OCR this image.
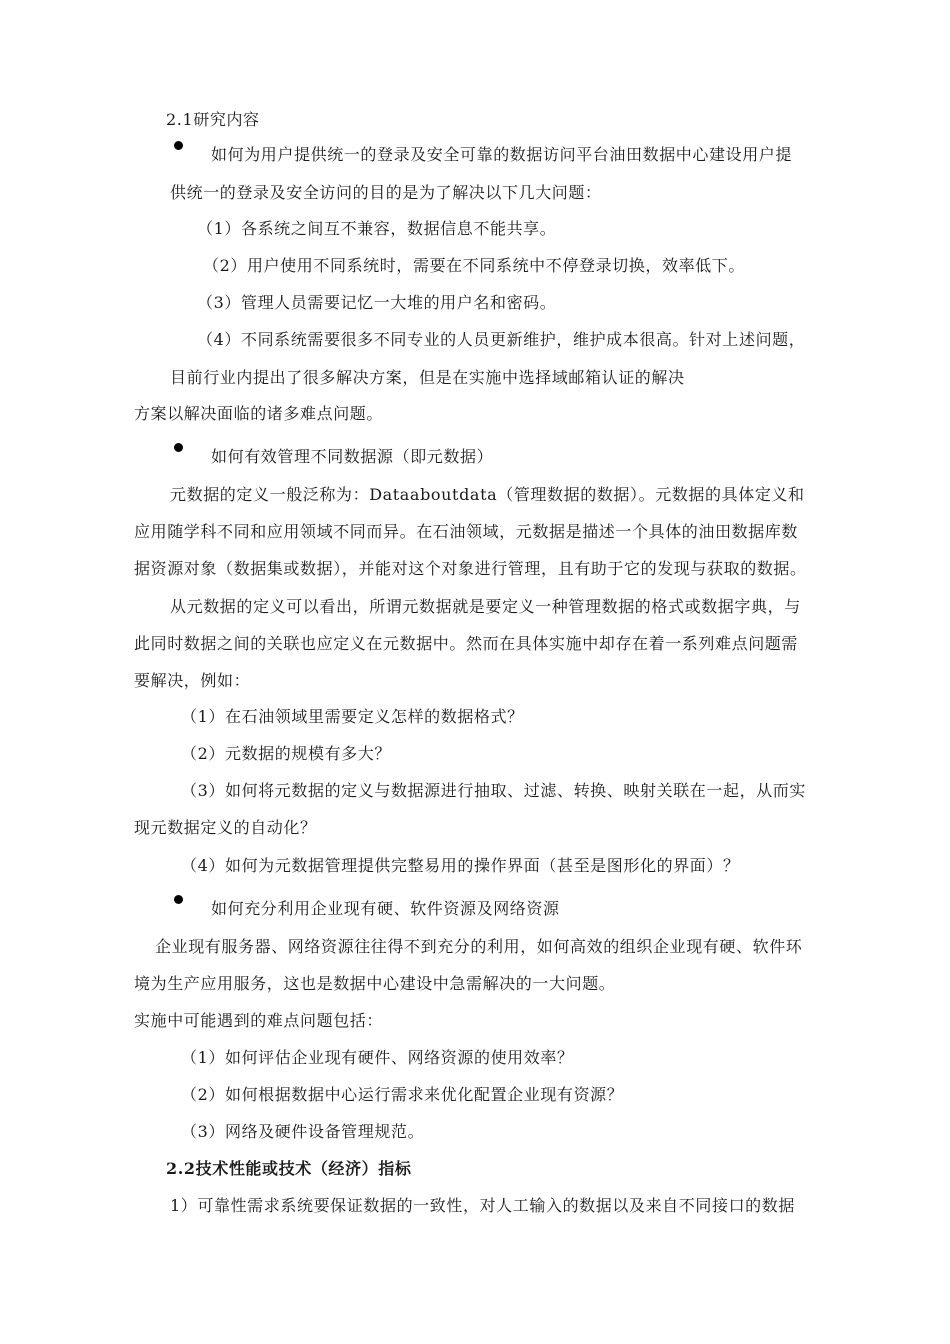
2.1研究内容
如何为用户提供统一的登录及安全可靠的数据访问平台油田数据中心建设用户提
供统一的登录及安全访问的目的是为了解决以下几大问题：
（1）各系统之间互不兼容，数据信息不能共享。
（2）用户使用不同系统时，需要在不同系统中不停登录切换，效率低下。
（3）管理人员需要记忆一大堆的用户名和密码。
（4）不同系统需要很多不同专业的人员更新维护，维护成本很高。针对上述问题，
目前行业内提出了很多解决方案，但是在实施中选择域邮箱认证的解决
方案以解决面临的诸多难点问题。
如何有效管理不同数据源（即元数据）
元数据的定义一般泛称为：Dataaboutdata（管理数据的数据）。元数据的具体定义和
应用随学科不同和应用领域不同而异。在石油领域，元数据是描述一个具体的油田数据库数
据资源对象（数据集或数据），并能对这个对象进行管理，且有助于它的发现与获取的数据。
从元数据的定义可以看出，所谓元数据就是要定义一种管理数据的格式或数据字典，与
此同时数据之间的关联也应定义在元数据中。然而在具体实施中却存在着一系列难点问题需
要解决，例如：
（1）在石油领域里需要定义怎样的数据格式？
（2）元数据的规模有多大？
（3）如何将元数据的定义与数据源进行抽取、过滤、转换、映射关联在一起，从而实
现元数据定义的自动化？
（4）如何为元数据管理提供完整易用的操作界面（甚至是图形化的界面）？
如何充分利用企业现有硬、软件资源及网络资源
企业现有服务器、网络资源往往得不到充分的利用，如何高效的组织企业现有硬、软件环
境为生产应用服务，这也是数据中心建设中急需解决的一大问题。
实施中可能遇到的难点问题包括：
（1）如何评估企业现有硬件、网络资源的使用效率？
（2）如何根据数据中心运行需求来优化配置企业现有资源？
（3）网络及硬件设备管理规范。
2.2技术性能或技术（经济）指标
1）可靠性需求系统要保证数据的一致性，对人工输入的数据以及来自不同接口的数据
